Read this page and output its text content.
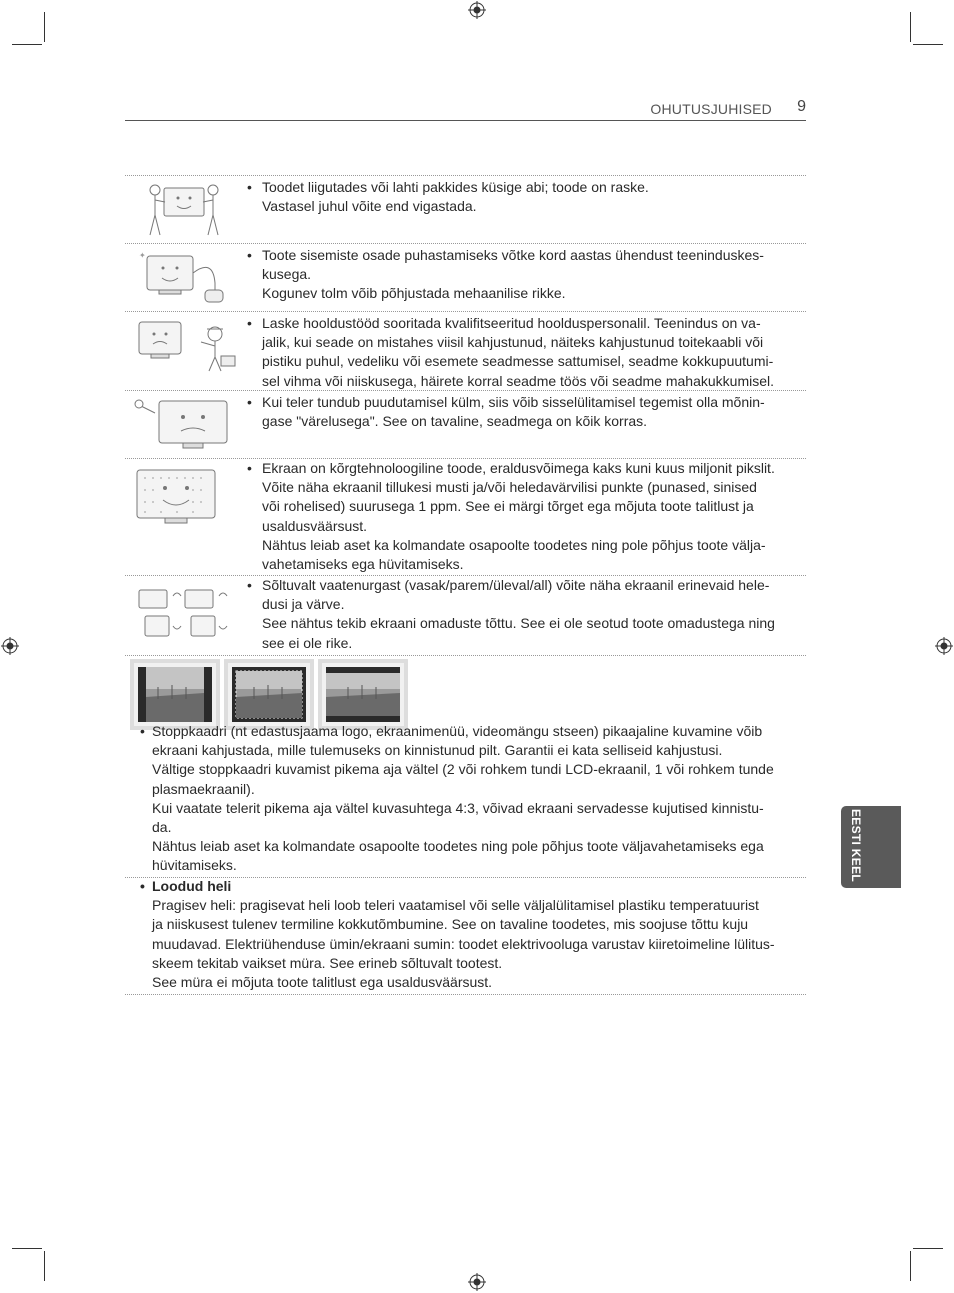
OHUTUSJUHISED 9
• Toodet liigutades või lahti pakkides küsige abi; toode on raske.

Vastasel juhul võite end vigastada.

✦	• Toote sisemiste osade puhastamiseks võtke kord aastas ühendust teeninduskes-

kusega.

Kogunev tolm võib põhjustada mehaanilise rikke.

• Laske hooldustööd sooritada kvalifitseeritud hoolduspersonalil. Teenindus on va-

jalik, kui seade on mistahes viisil kahjustunud, näiteks kahjustunud toitekaabli või

pistiku puhul, vedeliku või esemete seadmesse sattumisel, seadme kokkupuutumi-

sel vihma või niiskusega, häirete korral seadme töös või seadme mahakukkumisel.

• Kui teler tundub puudutamisel külm, siis võib sisselülitamisel tegemist olla mõnin-

gase "värelusega". See on tavaline, seadmega on kõik korras.

• Ekraan on kõrgtehnoloogiline toode, eraldusvõimega kaks kuni kuus miljonit pikslit.

Võite näha ekraanil tillukesi musti ja/või heledavärvilisi punkte (punased, sinised

või rohelised) suurusega 1 ppm. See ei märgi tõrget ega mõjuta toote talitlust ja

usaldusväärsust.

Nähtus leiab aset ka kolmandate osapoolte toodetes ning pole põhjus toote välja-

vahetamiseks ega hüvitamiseks.

• Sõltuvalt vaatenurgast (vasak/parem/üleval/all) võite näha ekraanil erinevaid hele-

dusi ja värve.

See nähtus tekib ekraani omaduste tõttu. See ei ole seotud toote omadustega ning

see ei ole rike.

• Stoppkaadri (nt edastusjaama logo, ekraanimenüü, videomängu stseen) pikaajaline kuvamine võib

ekraani kahjustada, mille tulemuseks on kinnistunud pilt. Garantii ei kata selliseid kahjustusi.

Vältige stoppkaadri kuvamist pikema aja vältel (2 või rohkem tundi LCD-ekraanil, 1 või rohkem tunde

plasmaekraanil).

Kui vaatate telerit pikema aja vältel kuvasuhtega 4:3, võivad ekraani servadesse kujutised kinnistu-

da.

Nähtus leiab aset ka kolmandate osapoolte toodetes ning pole põhjus toote väljavahetamiseks ega

hüvitamiseks.

• Loodud heli

Pragisev heli: pragisevat heli loob teleri vaatamisel või selle väljalülitamisel plastiku temperatuurist

ja niiskusest tulenev termiline kokkutõmbumine. See on tavaline toodetes, mis soojuse tõttu kuju

muudavad. Elektriühenduse ümin/ekraani sumin: toodet elektrivooluga varustav kiiretoimeline lülitus-

skeem tekitab vaikset müra. See erineb sõltuvalt tootest.

See müra ei mõjuta toote talitlust ega usaldusväärsust.

EESTI KEEL
